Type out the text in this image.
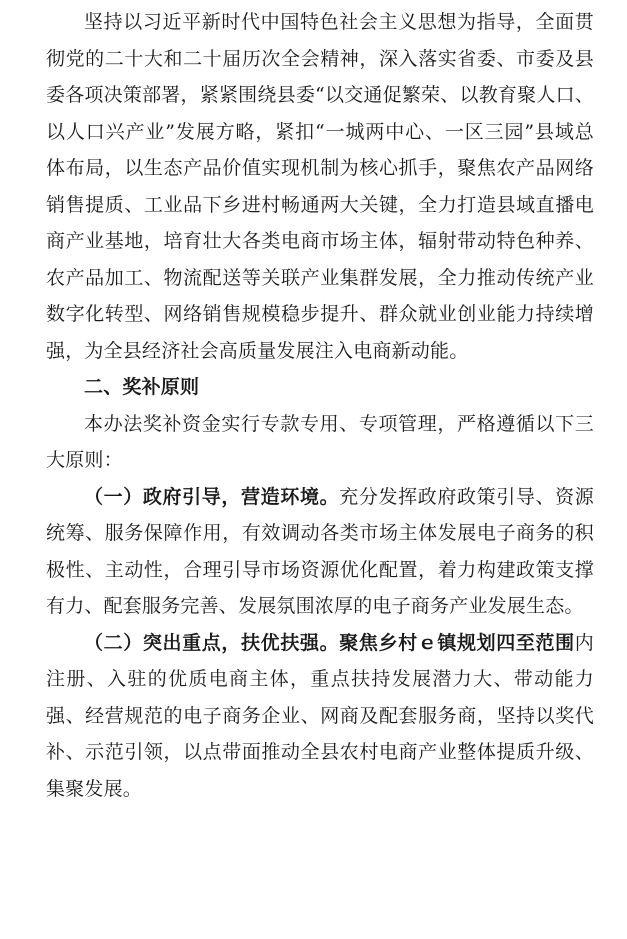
坚持以习近平新时代中国特色社会主义思想为指导，全面贯彻党的二十大和二十届历次全会精神，深入落实省委、市委及县委各项决策部署，紧紧围绕县委“以交通促繁荣、以教育聚人口、以人口兴产业”发展方略，紧扣“一城两中心、一区三园”县域总体布局，以生态产品价值实现机制为核心抓手，聚焦农产品网络销售提质、工业品下乡进村畅通两大关键，全力打造县域直播电商产业基地，培育壮大各类电商市场主体，辐射带动特色种养、农产品加工、物流配送等关联产业集群发展，全力推动传统产业数字化转型、网络销售规模稳步提升、群众就业创业能力持续增强，为全县经济社会高质量发展注入电商新动能。

二、奖补原则

本办法奖补资金实行专款专用、专项管理，严格遵循以下三大原则：

（一）政府引导，营造环境。充分发挥政府政策引导、资源统筹、服务保障作用，有效调动各类市场主体发展电子商务的积极性、主动性，合理引导市场资源优化配置，着力构建政策支撑有力、配套服务完善、发展氛围浓厚的电子商务产业发展生态。

（二）突出重点，扶优扶强。聚焦乡村ｅ镇规划四至范围内注册、入驻的优质电商主体，重点扶持发展潜力大、带动能力强、经营规范的电子商务企业、网商及配套服务商，坚持以奖代补、示范引领，以点带面推动全县农村电商产业整体提质升级、集聚发展。
